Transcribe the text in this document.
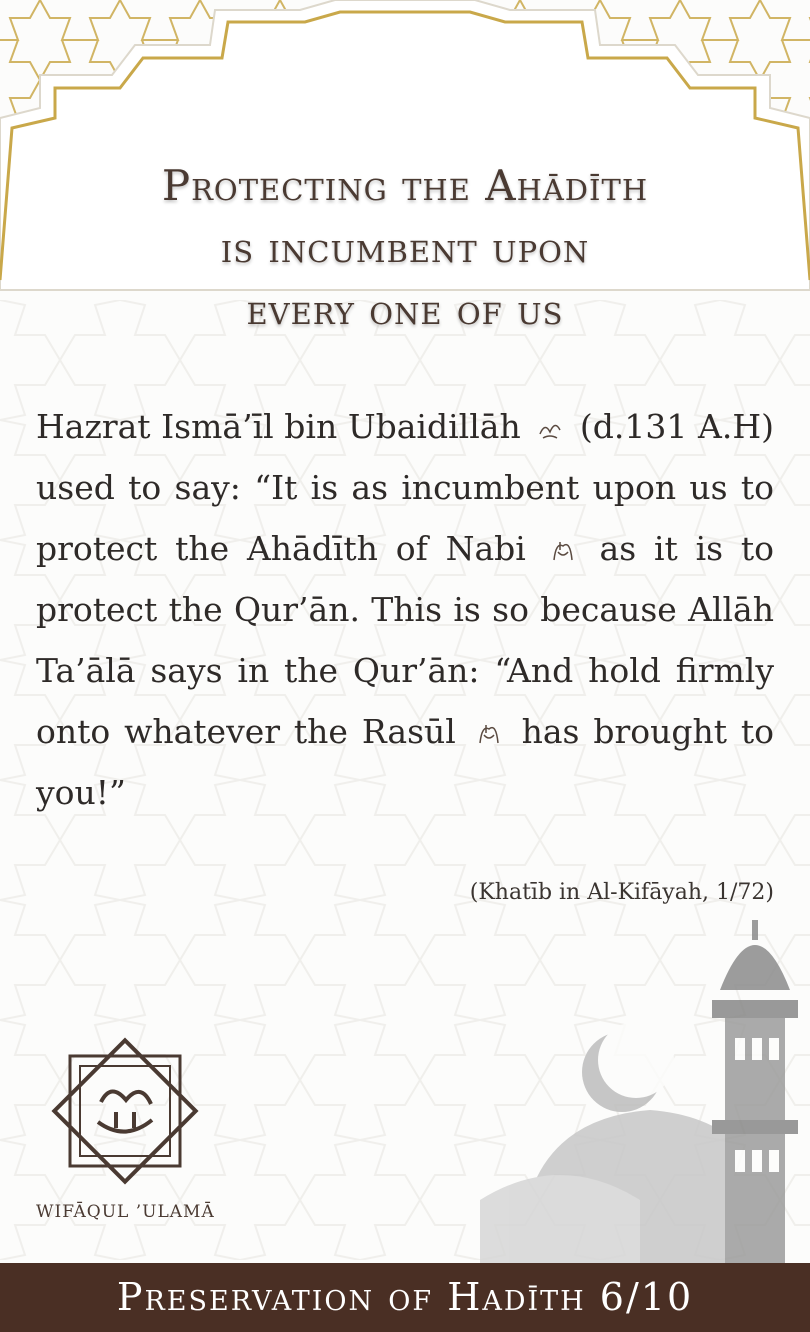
Protecting the Ahādīth
is incumbent upon
every one of us
Hazrat Ismā’īl bin Ubaidillāh (d.131 A.H) used to say: “It is as incumbent upon us to protect the Ahādīth of Nabi as it is to protect the Qur’ān. This is so because Allāh Ta’ālā says in the Qur’ān: “And hold firmly onto whatever the Rasūl has brought to you!”
(Khatīb in Al-Kifāyah, 1/72)
WIFĀQUL ’ULAMĀ
Preservation of Hadīth 6/10
